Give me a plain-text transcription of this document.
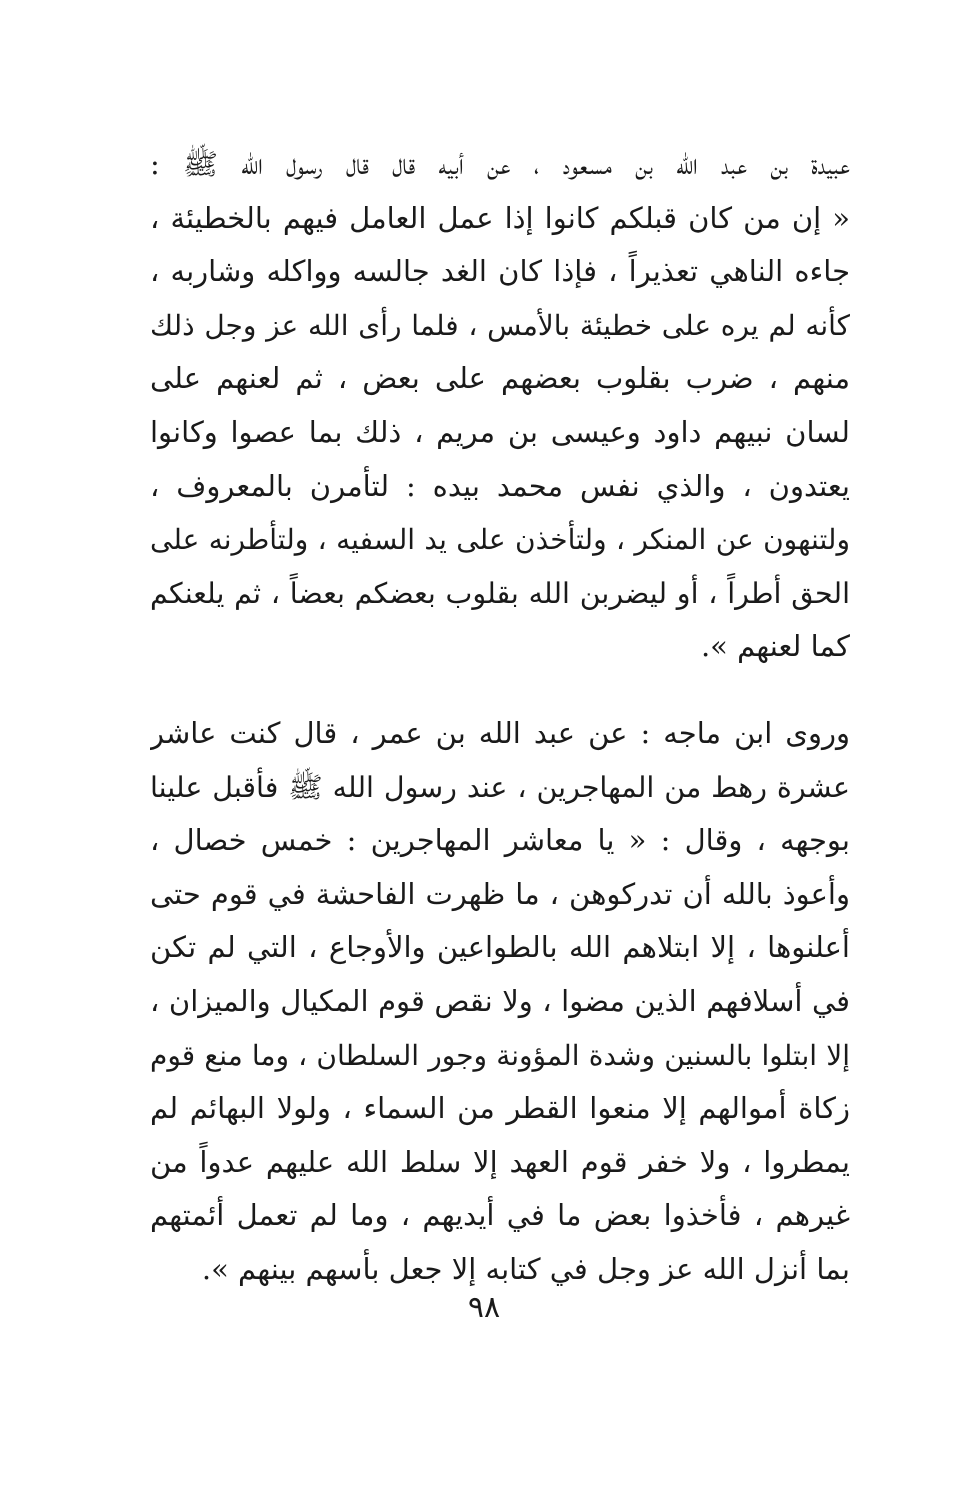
عبيدة بن عبد الله بن مسعود ، عن أبيه قال قال رسول الله ﷺ :
« إن من كان قبلكم كانوا إذا عمل العامل فيهم بالخطيئة ،
جاءه الناهي تعذيراً ، فإذا كان الغد جالسه وواكله وشاربه ،
كأنه لم يره على خطيئة بالأمس ، فلما رأى الله عز وجل ذلك
منهم ، ضرب بقلوب بعضهم على بعض ، ثم لعنهم على
لسان نبيهم داود وعيسى بن مريم ، ذلك بما عصوا وكانوا
يعتدون ، والذي نفس محمد بيده : لتأمرن بالمعروف ،
ولتنهون عن المنكر ، ولتأخذن على يد السفيه ، ولتأطرنه على
الحق أطراً ، أو ليضربن الله بقلوب بعضكم بعضاً ، ثم يلعنكم
كما لعنهم ».
وروى ابن ماجه : عن عبد الله بن عمر ، قال كنت عاشر
عشرة رهط من المهاجرين ، عند رسول الله ﷺ فأقبل علينا
بوجهه ، وقال : « يا معاشر المهاجرين : خمس خصال ،
وأعوذ بالله أن تدركوهن ، ما ظهرت الفاحشة في قوم حتى
أعلنوها ، إلا ابتلاهم الله بالطواعين والأوجاع ، التي لم تكن
في أسلافهم الذين مضوا ، ولا نقص قوم المكيال والميزان ،
إلا ابتلوا بالسنين وشدة المؤونة وجور السلطان ، وما منع قوم
زكاة أموالهم إلا منعوا القطر من السماء ، ولولا البهائم لم
يمطروا ، ولا خفر قوم العهد إلا سلط الله عليهم عدواً من
غيرهم ، فأخذوا بعض ما في أيديهم ، وما لم تعمل أئمتهم
بما أنزل الله عز وجل في كتابه إلا جعل بأسهم بينهم ».
٩٨
